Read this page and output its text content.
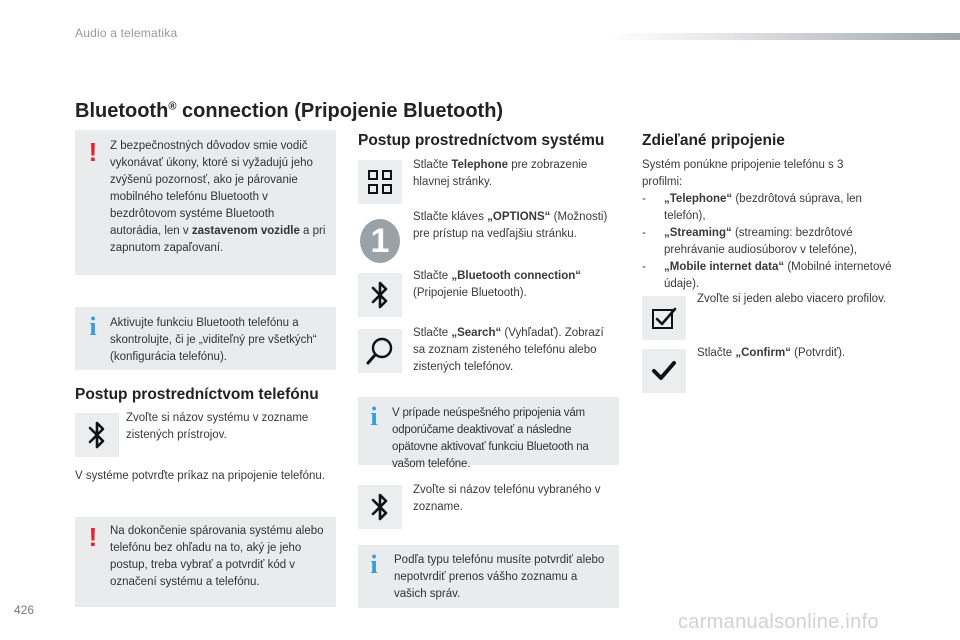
Audio a telematika
Bluetooth® connection (Pripojenie Bluetooth)
!	Z bezpečnostných dôvodov smie vodič vykonávať úkony, ktoré si vyžadujú jeho zvýšenú pozornosť, ako je párovanie mobilného telefónu Bluetooth v bezdrôtovom systéme Bluetooth autorádia, len v zastavenom vozidle a pri zapnutom zapaľovaní.
i	Aktivujte funkciu Bluetooth telefónu a skontrolujte, či je „viditeľný pre všetkých“ (konfigurácia telefónu).
Postup prostredníctvom telefónu
Zvoľte si názov systému v zozname zistených prístrojov.
V systéme potvrďte príkaz na pripojenie telefónu.
!	Na dokončenie spárovania systému alebo telefónu bez ohľadu na to, aký je jeho postup, treba vybrať a potvrdiť kód v označení systému a telefónu.
Postup prostredníctvom systému
Stlačte Telephone pre zobrazenie hlavnej stránky.
1
Stlačte kláves „OPTIONS“ (Možnosti) pre prístup na vedľajšiu stránku.
Stlačte „Bluetooth connection“ (Pripojenie Bluetooth).
Stlačte „Search“ (Vyhľadať). Zobrazí sa zoznam zisteného telefónu alebo zistených telefónov.
i	V prípade neúspešného pripojenia vám odporúčame deaktivovať a následne opätovne aktivovať funkciu Bluetooth na vašom telefóne.
Zvoľte si názov telefónu vybraného v zozname.
i	Podľa typu telefónu musíte potvrdiť alebo nepotvrdiť prenos vášho zoznamu a vašich správ.
Zdieľané pripojenie
Systém ponúkne pripojenie telefónu s 3 profilmi:
- „Telephone“ (bezdrôtová súprava, len telefón),
- „Streaming“ (streaming: bezdrôtové prehrávanie audiosúborov v telefóne),
- „Mobile internet data“ (Mobilné internetové údaje).
Zvoľte si jeden alebo viacero profilov.
Stlačte „Confirm“ (Potvrdiť).
426
carmanualsonline.info
